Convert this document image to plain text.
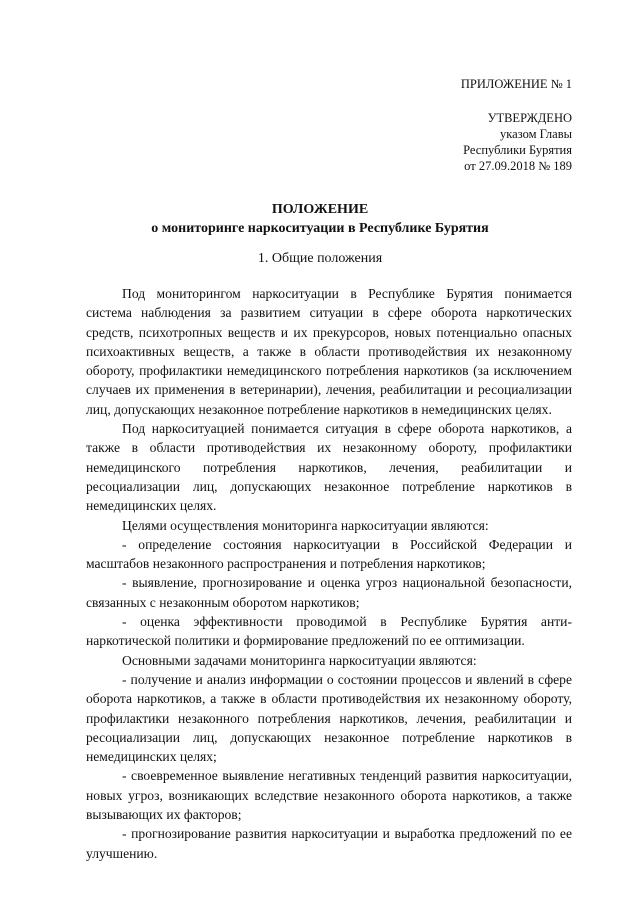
ПРИЛОЖЕНИЕ № 1
УТВЕРЖДЕНО
указом Главы
Республики Бурятия
от 27.09.2018 № 189
ПОЛОЖЕНИЕ
о мониторинге наркоситуации в Республике Бурятия
1. Общие положения

Под мониторингом наркоситуации в Республике Бурятия понимается система наблюдения за развитием ситуации в сфере оборота наркотических средств, психотропных веществ и их прекурсоров, новых потенциально опасных психоактивных веществ, а также в области противодействия их незаконному обороту, профилактики немедицинского потребления наркотиков (за исключением случаев их применения в ветеринарии), лечения, реабилитации и ресоциализации лиц, допускающих незаконное потребление наркотиков в немедицинских целях.

Под наркоситуацией понимается ситуация в сфере оборота наркотиков, а также в области противодействия их незаконному обороту, профилактики немедицинского потребления наркотиков, лечения, реабилитации и ресоциализации лиц, допускающих незаконное потребление наркотиков в немедицинских целях.

Целями осуществления мониторинга наркоситуации являются:

- определение состояния наркоситуации в Российской Федерации и масштабов незаконного распространения и потребления наркотиков;

- выявление, прогнозирование и оценка угроз национальной безопасности, связанных с незаконным оборотом наркотиков;

- оценка эффективности проводимой в Республике Бурятия антинаркотической политики и формирование предложений по ее оптимизации.

Основными задачами мониторинга наркоситуации являются:

- получение и анализ информации о состоянии процессов и явлений в сфере оборота наркотиков, а также в области противодействия их незаконному обороту, профилактики незаконного потребления наркотиков, лечения, реабилитации и ресоциализации лиц, допускающих незаконное потребление наркотиков в немедицинских целях;

- своевременное выявление негативных тенденций развития наркоситуации, новых угроз, возникающих вследствие незаконного оборота наркотиков, а также вызывающих их факторов;

- прогнозирование развития наркоситуации и выработка предложений по ее улучшению.
